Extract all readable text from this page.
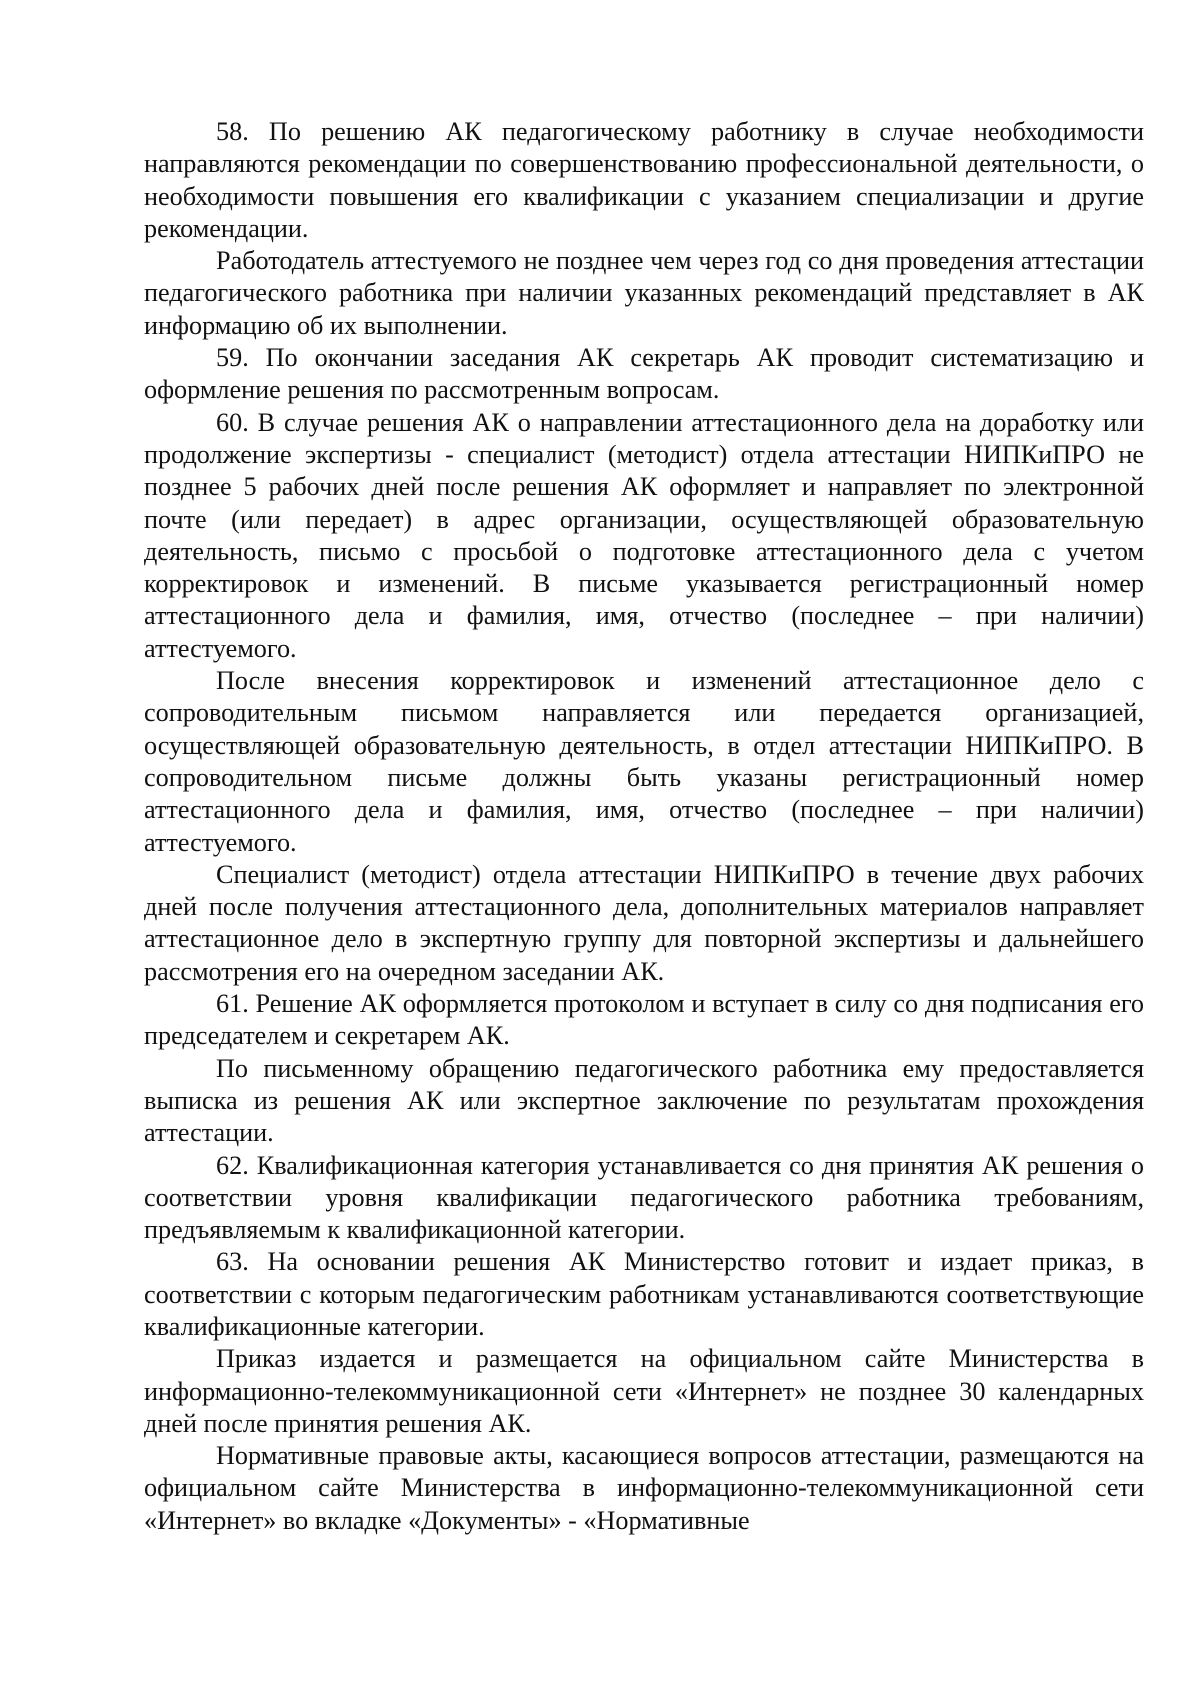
58. По решению АК педагогическому работнику в случае необходимости направляются рекомендации по совершенствованию профессиональной деятельности, о необходимости повышения его квалификации с указанием специализации и другие рекомендации.

Работодатель аттестуемого не позднее чем через год со дня проведения аттестации педагогического работника при наличии указанных рекомендаций представляет в АК информацию об их выполнении.

59. По окончании заседания АК секретарь АК проводит систематизацию и оформление решения по рассмотренным вопросам.

60. В случае решения АК о направлении аттестационного дела на доработку или продолжение экспертизы - специалист (методист) отдела аттестации НИПКиПРО не позднее 5 рабочих дней после решения АК оформляет и направляет по электронной почте (или передает) в адрес организации, осуществляющей образовательную деятельность, письмо с просьбой о подготовке аттестационного дела с учетом корректировок и изменений. В письме указывается регистрационный номер аттестационного дела и фамилия, имя, отчество (последнее – при наличии) аттестуемого.

После внесения корректировок и изменений аттестационное дело с сопроводительным письмом направляется или передается организацией, осуществляющей образовательную деятельность, в отдел аттестации НИПКиПРО. В сопроводительном письме должны быть указаны регистрационный номер аттестационного дела и фамилия, имя, отчество (последнее – при наличии) аттестуемого.

Специалист (методист) отдела аттестации НИПКиПРО в течение двух рабочих дней после получения аттестационного дела, дополнительных материалов направляет аттестационное дело в экспертную группу для повторной экспертизы и дальнейшего рассмотрения его на очередном заседании АК.

61. Решение АК оформляется протоколом и вступает в силу со дня подписания его председателем и секретарем АК.

По письменному обращению педагогического работника ему предоставляется выписка из решения АК или экспертное заключение по результатам прохождения аттестации.

62. Квалификационная категория устанавливается со дня принятия АК решения о соответствии уровня квалификации педагогического работника требованиям, предъявляемым к квалификационной категории.

63. На основании решения АК Министерство готовит и издает приказ, в соответствии с которым педагогическим работникам устанавливаются соответствующие квалификационные категории.

Приказ издается и размещается на официальном сайте Министерства в информационно-телекоммуникационной сети «Интернет» не позднее 30 календарных дней после принятия решения АК.

Нормативные правовые акты, касающиеся вопросов аттестации, размещаются на официальном сайте Министерства в информационно-телекоммуникационной сети «Интернет» во вкладке «Документы» - «Нормативные
